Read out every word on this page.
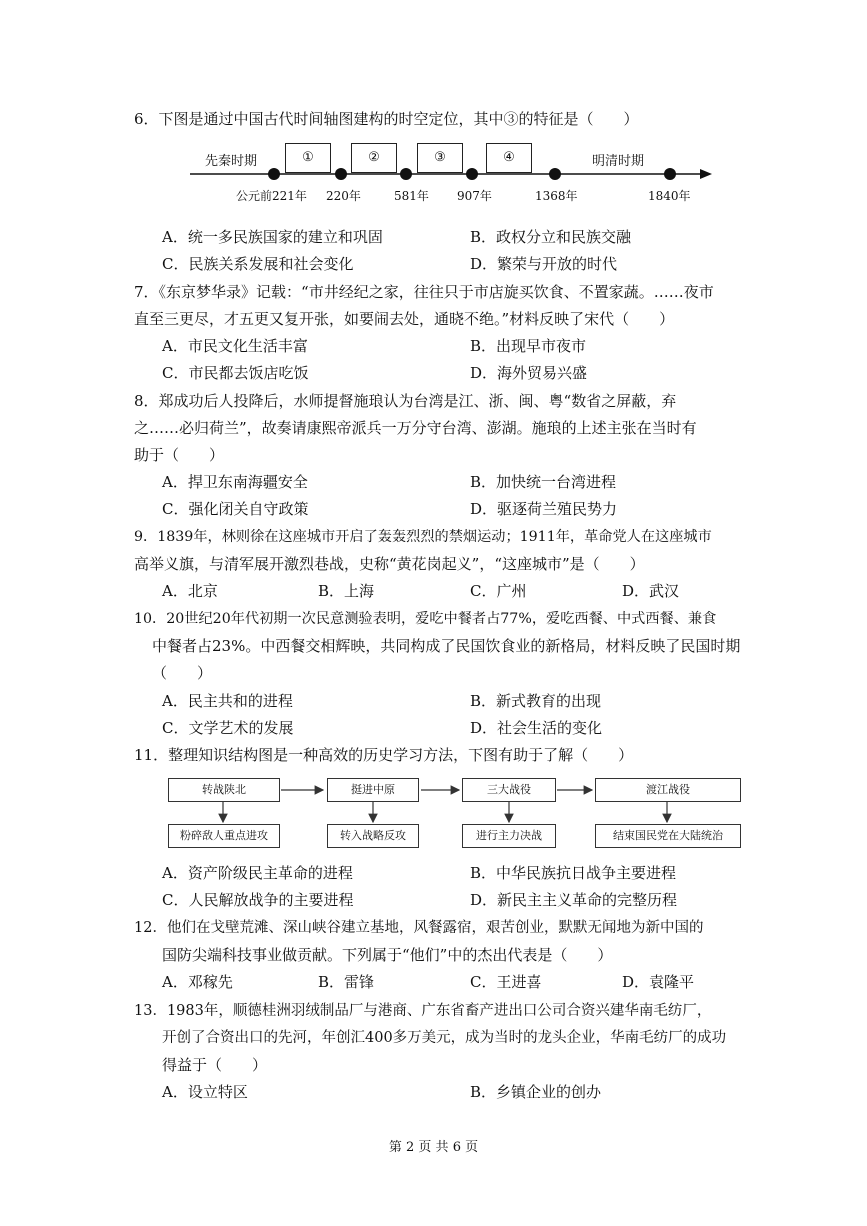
6．下图是通过中国古代时间轴图建构的时空定位，其中③的特征是（　　）
先秦时期	明清时期
①	②	③	④
公元前221年 220年	581年 907年	1368年	1840年
A．统一多民族国家的建立和巩固	B．政权分立和民族交融
C．民族关系发展和社会变化	D．繁荣与开放的时代
7．《东京梦华录》记载：“市井经纪之家，往往只于市店旋买饮食、不置家蔬。……夜市
直至三更尽，才五更又复开张，如要闹去处，通晓不绝。”材料反映了宋代（　　）
A．市民文化生活丰富	B．出现早市夜市
C．市民都去饭店吃饭	D．海外贸易兴盛
8．郑成功后人投降后，水师提督施琅认为台湾是江、浙、闽、粤“数省之屏蔽，弃
之……必归荷兰”，故奏请康熙帝派兵一万分守台湾、澎湖。施琅的上述主张在当时有
助于（　　）
A．捍卫东南海疆安全	B．加快统一台湾进程
C．强化闭关自守政策	D．驱逐荷兰殖民势力
9．1839年，林则徐在这座城市开启了轰轰烈烈的禁烟运动；1911年，革命党人在这座城市
高举义旗，与清军展开激烈巷战，史称“黄花岗起义”，“这座城市”是（　　）
A．北京	B．上海	C．广州	D．武汉
10．20世纪20年代初期一次民意测验表明，爱吃中餐者占77%，爱吃西餐、中式西餐、兼食
中餐者占23%。中西餐交相辉映，共同构成了民国饮食业的新格局，材料反映了民国时期
（　　）
A．民主共和的进程	B．新式教育的出现
C．文学艺术的发展	D．社会生活的变化
11．整理知识结构图是一种高效的历史学习方法，下图有助于了解（　　）
转战陕北	挺进中原	三大战役	渡江战役
粉碎敌人重点进攻	转入战略反攻	进行主力决战	结束国民党在大陆统治
A．资产阶级民主革命的进程	B．中华民族抗日战争主要进程
C．人民解放战争的主要进程	D．新民主主义革命的完整历程
12．他们在戈壁荒滩、深山峡谷建立基地，风餐露宿，艰苦创业，默默无闻地为新中国的
国防尖端科技事业做贡献。下列属于“他们”中的杰出代表是（　　）
A．邓稼先	B．雷锋	C．王进喜	D．袁隆平
13．1983年，顺德桂洲羽绒制品厂与港商、广东省畜产进出口公司合资兴建华南毛纺厂，
开创了合资出口的先河，年创汇400多万美元，成为当时的龙头企业，华南毛纺厂的成功
得益于（　　）
A．设立特区	B．乡镇企业的创办
第 2 页 共 6 页
